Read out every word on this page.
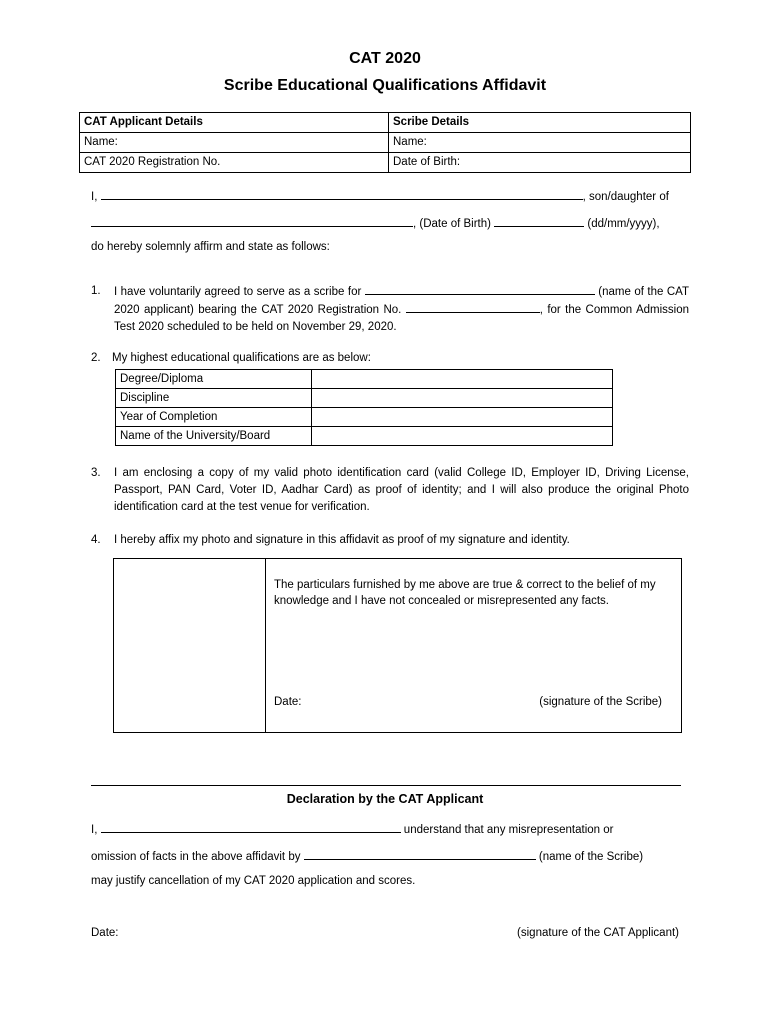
CAT 2020
Scribe Educational Qualifications Affidavit
CAT Applicant Details	Scribe Details
Name:	Name:
CAT 2020 Registration No.	Date of Birth:
I,	, son/daughter of
, (Date of Birth)	(dd/mm/yyyy),
do hereby solemnly affirm and state as follows:
1. I have voluntarily agreed to serve as a scribe for	(name of the CAT 2020 applicant) bearing the CAT 2020 Registration No.	, for the Common Admission Test 2020 scheduled to be held on November 29, 2020.
2. My highest educational qualifications are as below:
Degree/Diploma	
Discipline	
Year of Completion	
Name of the University/Board	
3. I am enclosing a copy of my valid photo identification card (valid College ID, Employer ID, Driving License, Passport, PAN Card, Voter ID, Aadhar Card) as proof of identity; and I will also produce the original Photo identification card at the test venue for verification.
4. I hereby affix my photo and signature in this affidavit as proof of my signature and identity.
The particulars furnished by me above are true & correct to the belief of my knowledge and I have not concealed or misrepresented any facts.
Date:	(signature of the Scribe)
Declaration by the CAT Applicant
I,	understand that any misrepresentation or
omission of facts in the above affidavit by	(name of the Scribe)
may justify cancellation of my CAT 2020 application and scores.
Date:	(signature of the CAT Applicant)
